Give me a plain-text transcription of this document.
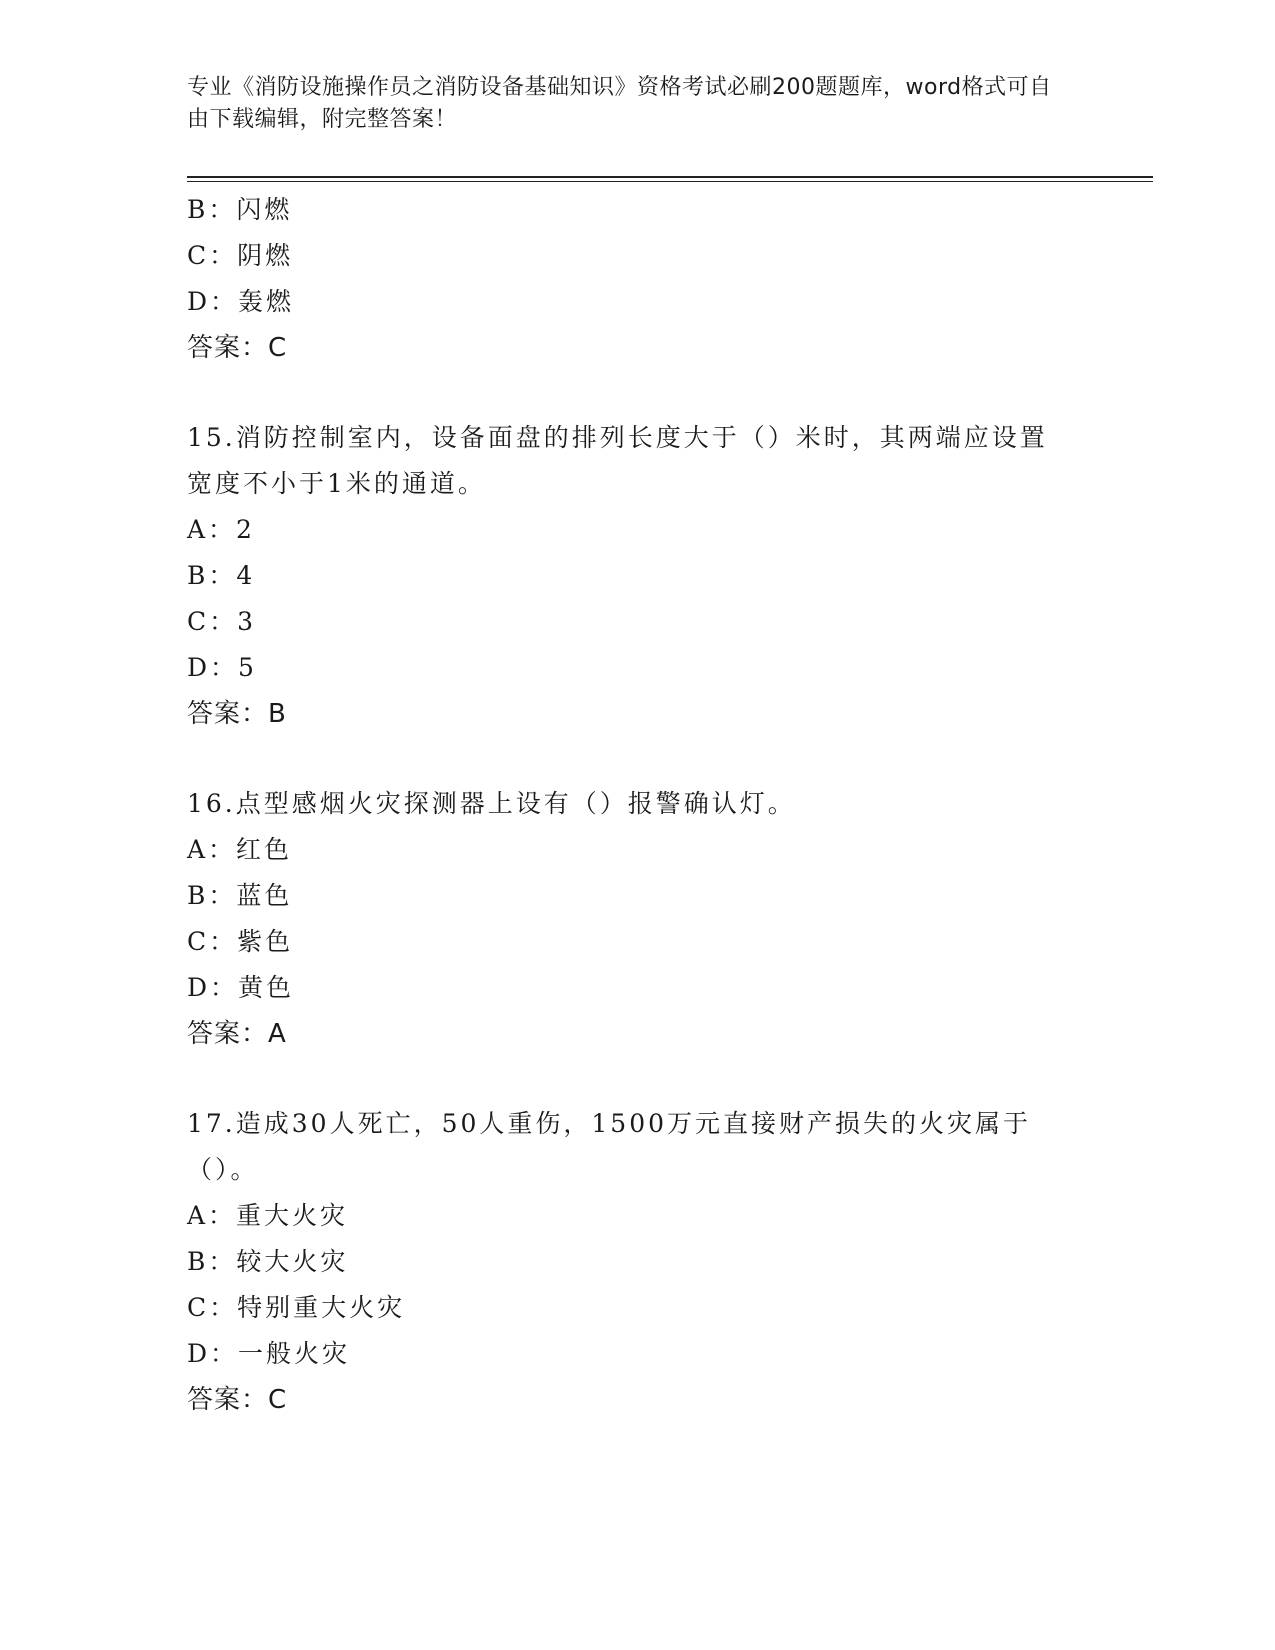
专业《消防设施操作员之消防设备基础知识》资格考试必刷200题题库，word格式可自由下载编辑，附完整答案！
B：闪燃
C：阴燃
D：轰燃
答案：C
15.消防控制室内，设备面盘的排列长度大于（）米时，其两端应设置宽度不小于1米的通道。
A：2
B：4
C：3
D：5
答案：B
16.点型感烟火灾探测器上设有（）报警确认灯。
A：红色
B：蓝色
C：紫色
D：黄色
答案：A
17.造成30人死亡，50人重伤，1500万元直接财产损失的火灾属于（）。
A：重大火灾
B：较大火灾
C：特别重大火灾
D：一般火灾
答案：C
